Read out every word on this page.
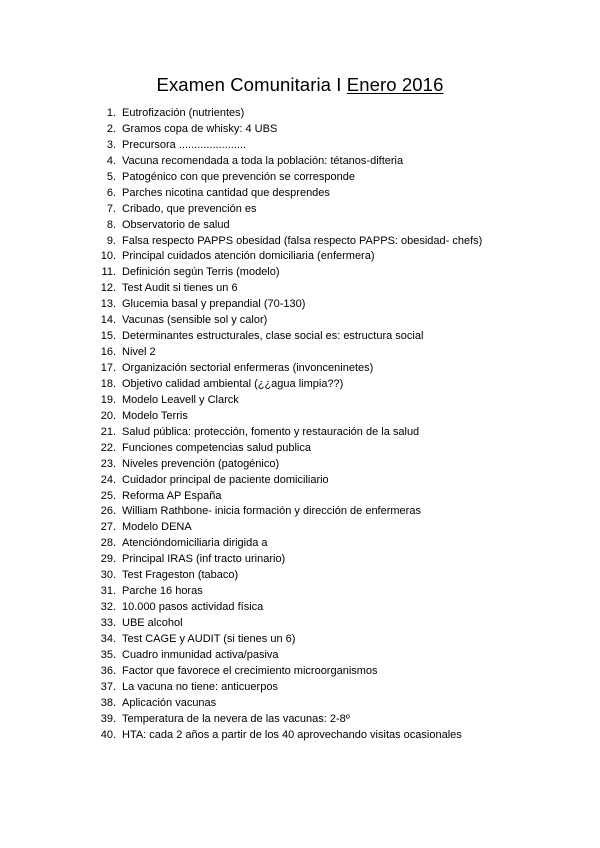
Examen Comunitaria I Enero 2016
1. Eutrofización (nutrientes)
2. Gramos copa de whisky: 4 UBS
3. Precursora ......................
4. Vacuna recomendada a toda la población: tétanos-difteria
5. Patogénico con que prevención se corresponde
6. Parches nicotina cantidad que desprendes
7. Cribado, que prevención es
8. Observatorio de salud
9. Falsa respecto PAPPS obesidad (falsa respecto PAPPS: obesidad- chefs)
10. Principal cuidados atención domiciliaria (enfermera)
11. Definición según Terris (modelo)
12. Test Audit si tienes un 6
13. Glucemia basal y prepandial (70-130)
14. Vacunas (sensible sol y calor)
15. Determinantes estructurales, clase social es: estructura social
16. Nivel 2
17. Organización sectorial enfermeras (invonceninetes)
18. Objetivo calidad ambiental (¿¿agua limpia??)
19. Modelo Leavell y Clarck
20. Modelo Terris
21. Salud pública: protección, fomento y restauración de la salud
22. Funciones competencias salud publica
23. Niveles prevención (patogénico)
24. Cuidador principal de paciente domiciliario
25. Reforma AP España
26. William Rathbone- inicia formación y dirección de enfermeras
27. Modelo DENA
28. Atencióndomiciliaria dirigida a
29. Principal IRAS (inf tracto urinario)
30. Test Frageston (tabaco)
31. Parche 16 horas
32. 10.000 pasos actividad física
33. UBE alcohol
34. Test CAGE y AUDIT (si tienes un 6)
35. Cuadro inmunidad activa/pasiva
36. Factor que favorece el crecimiento microorganismos
37. La vacuna no tiene: anticuerpos
38. Aplicación vacunas
39. Temperatura de la nevera de las vacunas: 2-8º
40. HTA: cada 2 años a partir de los 40 aprovechando visitas ocasionales
